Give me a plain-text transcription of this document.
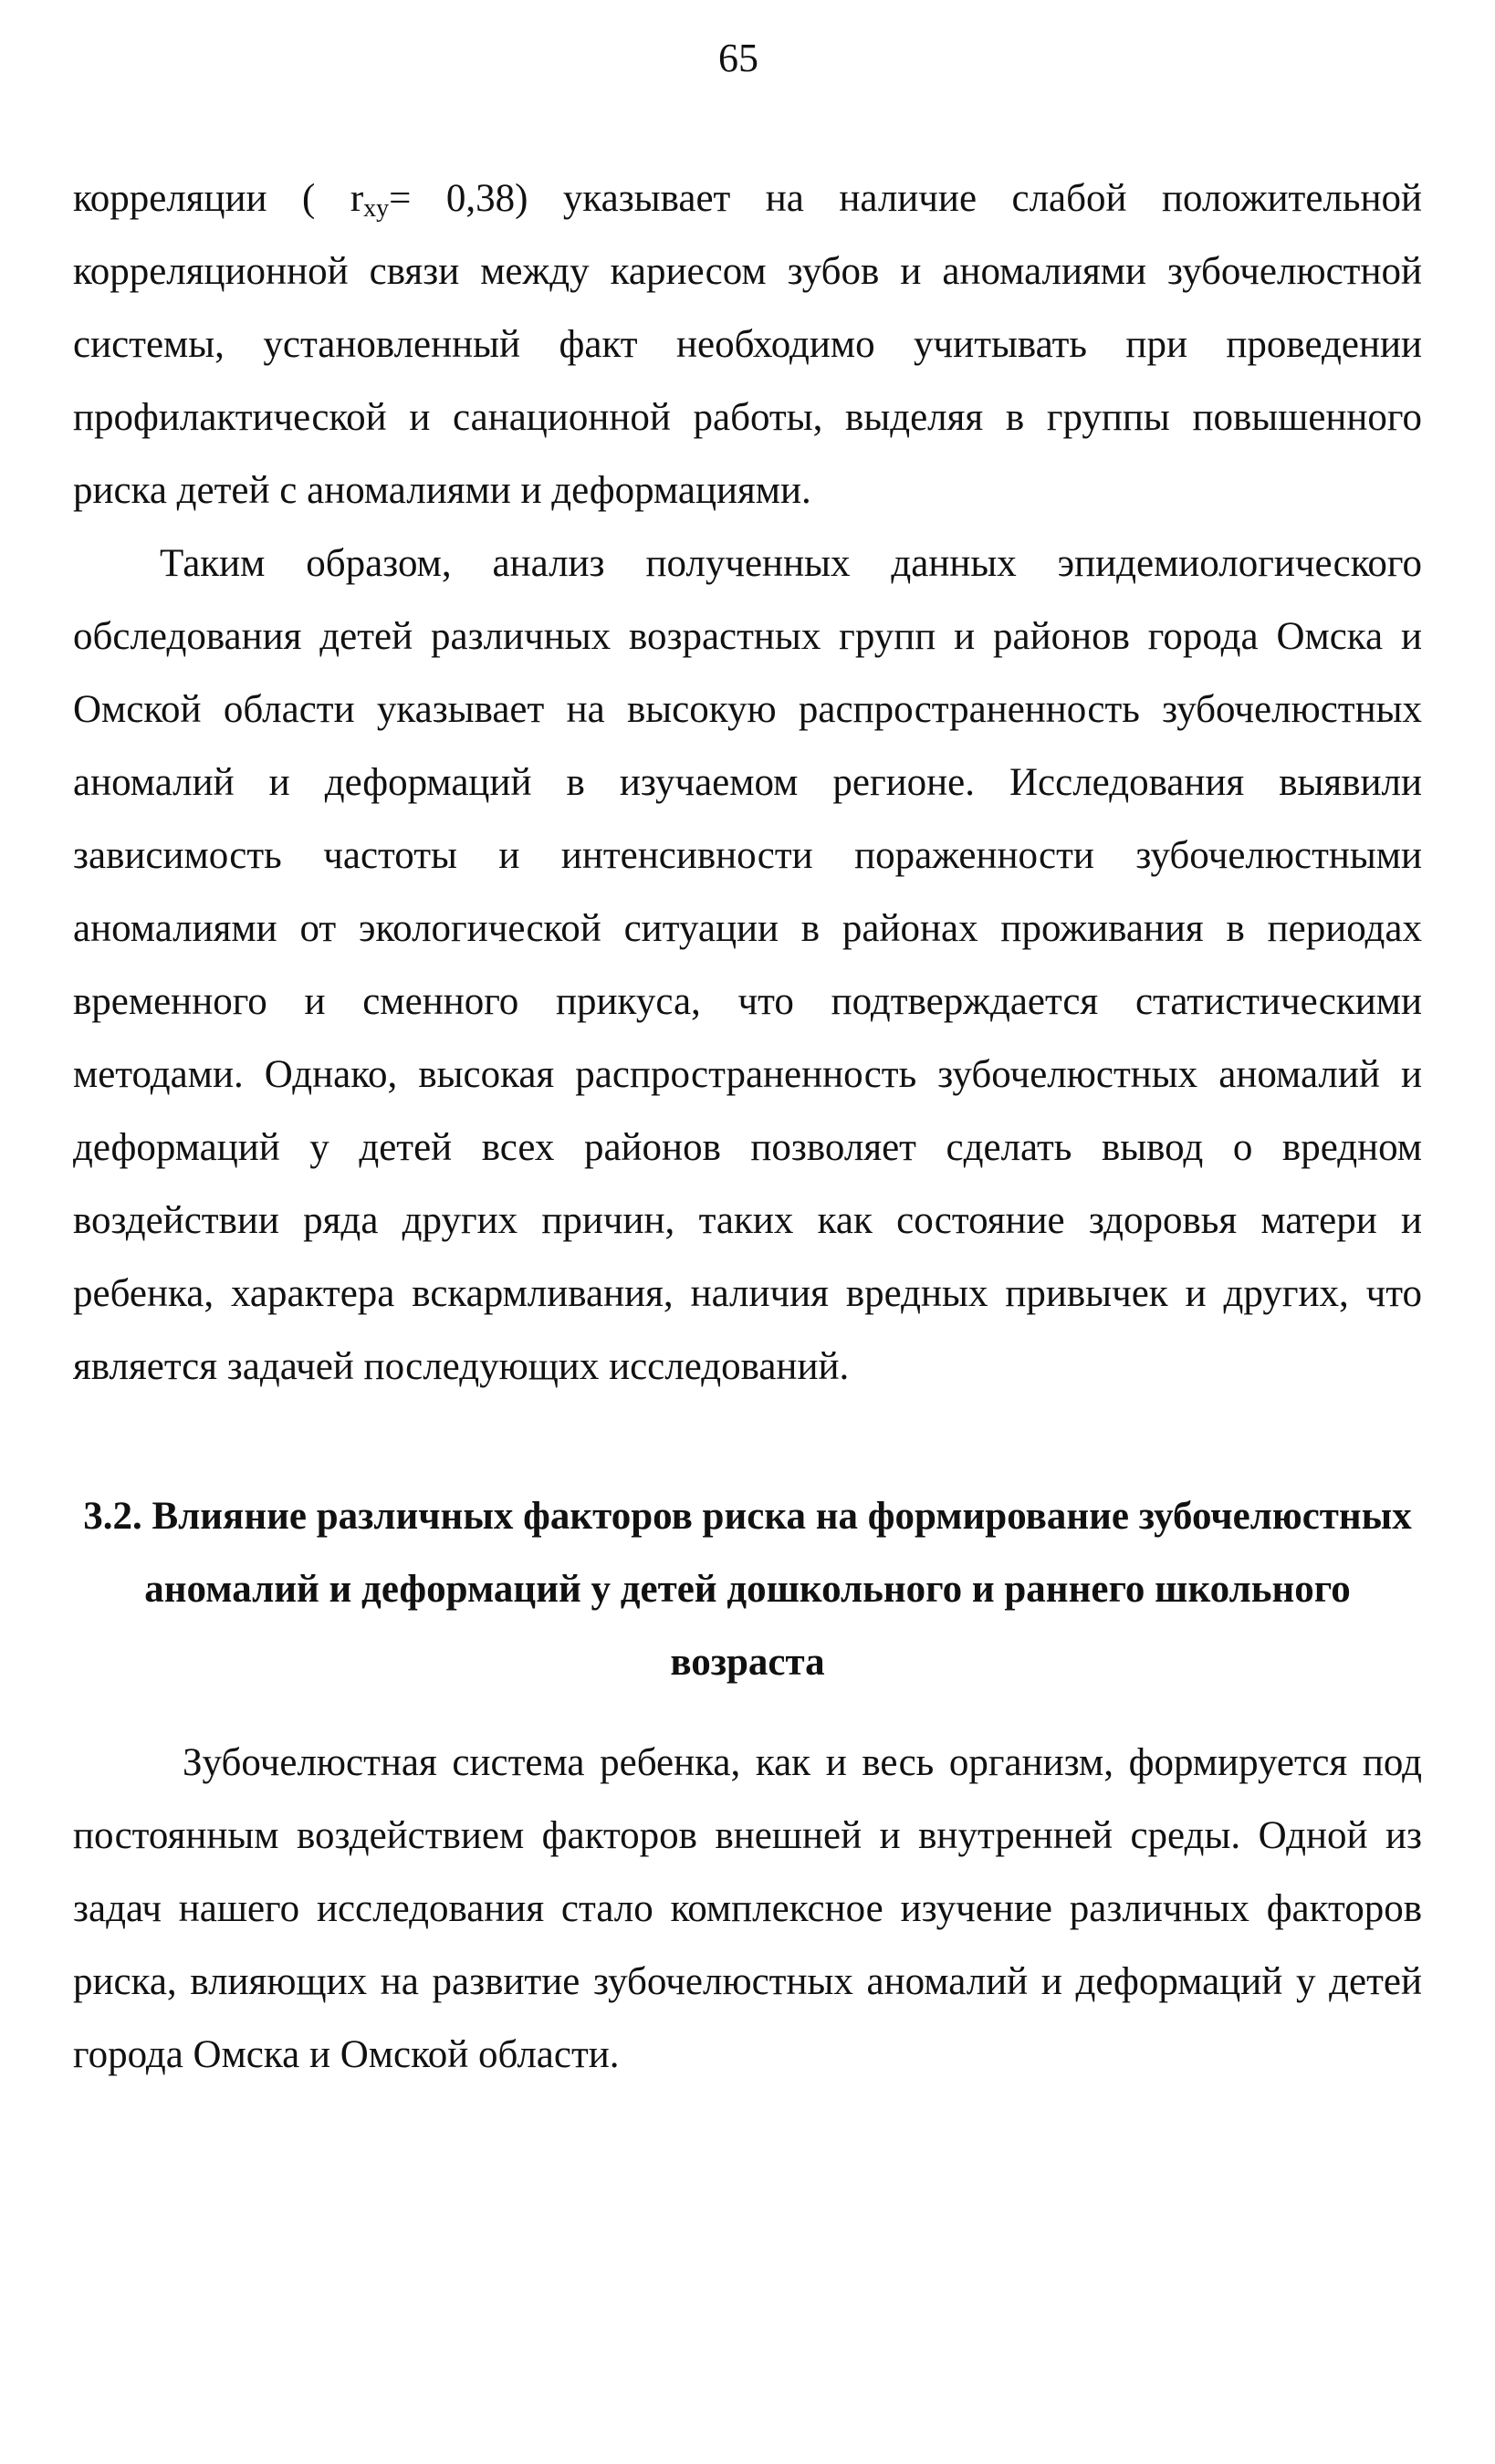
65

корреляции ( $r_{xy}= 0,38$) указывает на наличие слабой положительной корреляционной связи между кариесом зубов и аномалиями зубочелюстной системы, установленный факт необходимо учитывать при проведении профилактической и санационной работы, выделяя в группы повышенного риска детей с аномалиями и деформациями.

Таким образом, анализ полученных данных эпидемиологического обследования детей различных возрастных групп и районов города Омска и Омской области указывает на высокую распространенность зубочелюстных аномалий и деформаций в изучаемом регионе. Исследования выявили зависимость частоты и интенсивности пораженности зубочелюстными аномалиями от экологической ситуации в районах проживания в периодах временного и сменного прикуса, что подтверждается статистическими методами. Однако, высокая распространенность зубочелюстных аномалий и деформаций у детей всех районов позволяет сделать вывод о вредном воздействии ряда других причин, таких как состояние здоровья матери и ребенка, характера вскармливания, наличия вредных привычек и других, что является задачей последующих исследований.

3.2. Влияние различных факторов риска на формирование зубочелюстных аномалий и деформаций у детей дошкольного и раннего школьного возраста

Зубочелюстная система ребенка, как и весь организм, формируется под постоянным воздействием факторов внешней и внутренней среды. Одной из задач нашего исследования стало комплексное изучение различных факторов риска, влияющих на развитие зубочелюстных аномалий и деформаций у детей города Омска и Омской области.
